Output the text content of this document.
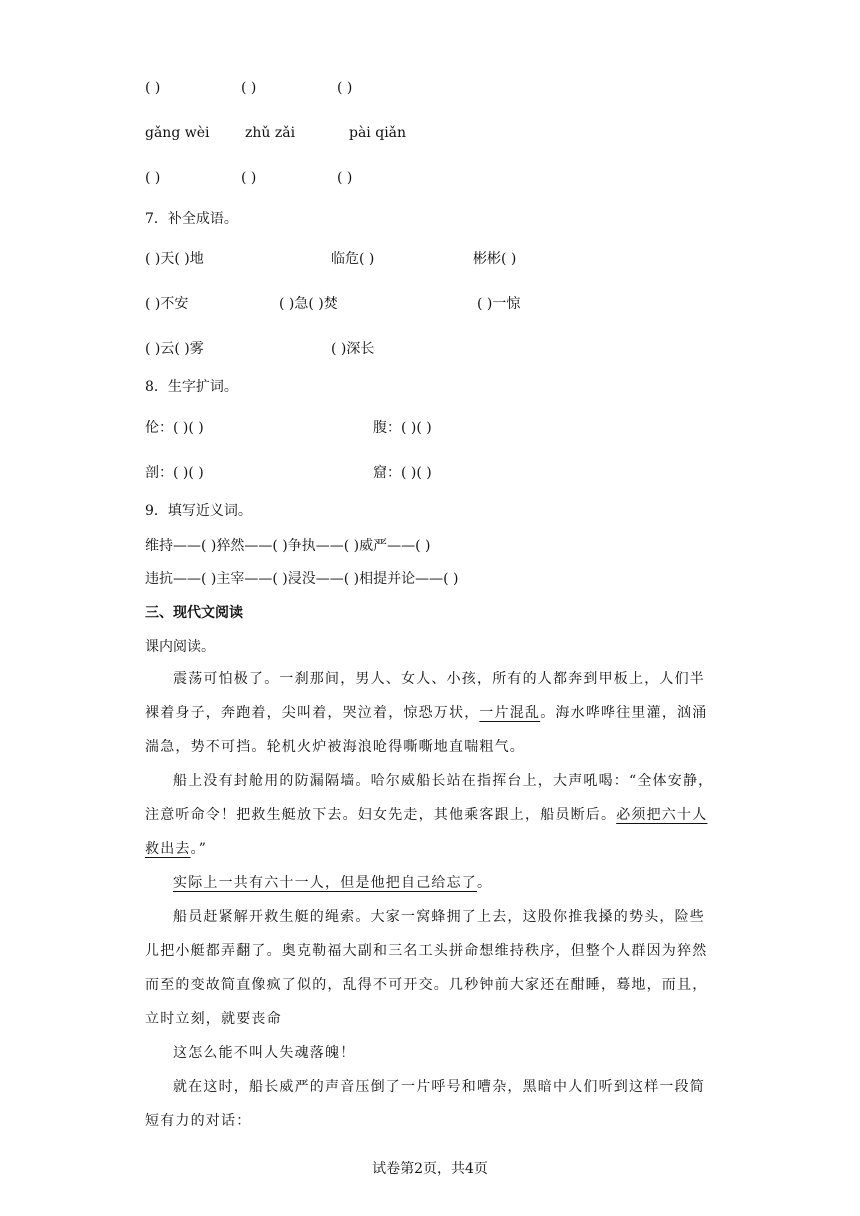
( )	( )	( )
gǎng wèi	zhǔ zǎi	pài qiǎn
( )	( )	( )
7．补全成语。
( )天( )地	临危( )	彬彬( )
( )不安	( )急( )焚	( )一惊
( )云( )雾	( )深长
8．生字扩词。
伦：( )( )	腹：( )( )
剖：( )( )	窟：( )( )
9．填写近义词。
维持——( )猝然——( )争执——( )威严——( )
违抗——( )主宰——( )浸没——( )相提并论——( )
三、现代文阅读
课内阅读。
震荡可怕极了。一刹那间，男人、女人、小孩，所有的人都奔到甲板上，人们半裸着身子，奔跑着，尖叫着，哭泣着，惊恐万状，一片混乱。海水哗哗往里灌，汹涌湍急，势不可挡。轮机火炉被海浪呛得嘶嘶地直喘粗气。
船上没有封舱用的防漏隔墙。哈尔威船长站在指挥台上，大声吼喝：“全体安静，注意听命令！把救生艇放下去。妇女先走，其他乘客跟上，船员断后。必须把六十人救出去。”
实际上一共有六十一人，但是他把自己给忘了。
船员赶紧解开救生艇的绳索。大家一窝蜂拥了上去，这股你推我搡的势头，险些儿把小艇都弄翻了。奥克勒福大副和三名工头拼命想维持秩序，但整个人群因为猝然而至的变故简直像疯了似的，乱得不可开交。几秒钟前大家还在酣睡，蓦地，而且，立时立刻，就要丧命
这怎么能不叫人失魂落魄！
就在这时，船长威严的声音压倒了一片呼号和嘈杂，黑暗中人们听到这样一段简短有力的对话：
试卷第2页，共4页
